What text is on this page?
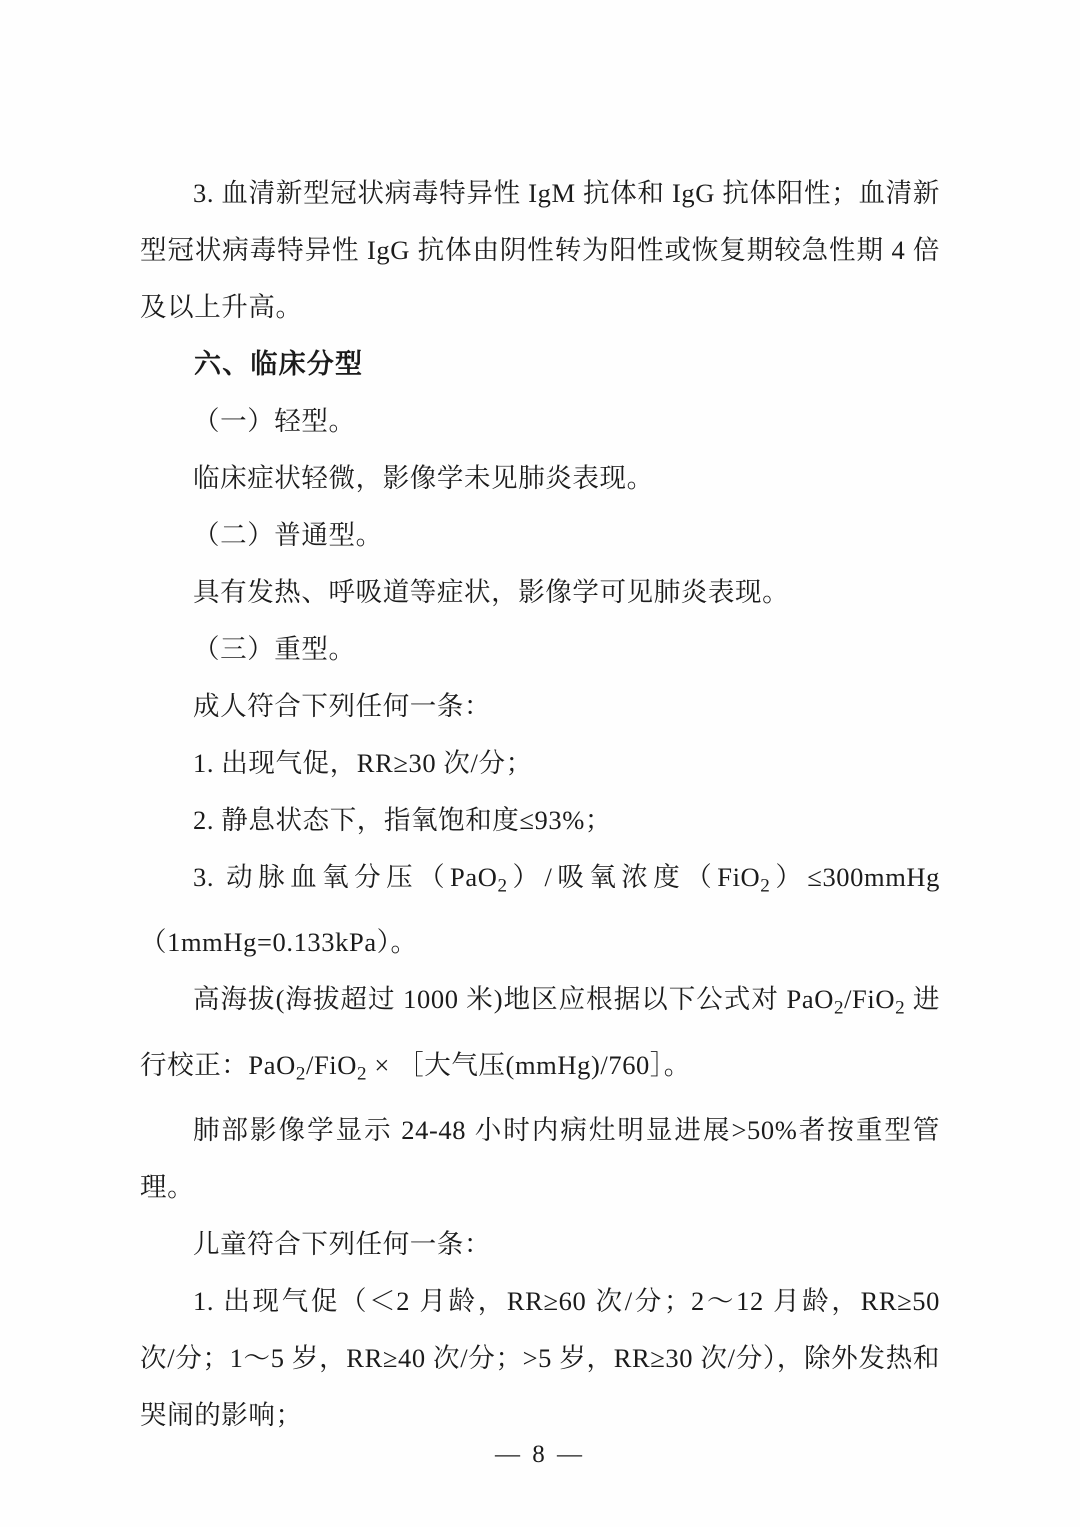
3. 血清新型冠状病毒特异性 IgM 抗体和 IgG 抗体阳性；血清新型冠状病毒特异性 IgG 抗体由阴性转为阳性或恢复期较急性期 4 倍及以上升高。

六、临床分型

（一）轻型。

临床症状轻微，影像学未见肺炎表现。

（二）普通型。

具有发热、呼吸道等症状，影像学可见肺炎表现。

（三）重型。

成人符合下列任何一条：

1. 出现气促，RR≥30 次/分；

2. 静息状态下，指氧饱和度≤93%；

3. 动脉血氧分压（PaO$_2$）/吸氧浓度（FiO$_2$）≤300mmHg（1mmHg=0.133kPa）。

高海拔(海拔超过 1000 米)地区应根据以下公式对 PaO$_2$/FiO$_2$ 进行校正：PaO$_2$/FiO$_2$ × ［大气压(mmHg)/760］。

肺部影像学显示 24-48 小时内病灶明显进展>50%者按重型管理。

儿童符合下列任何一条：

1. 出现气促（＜2 月龄，RR≥60 次/分；2～12 月龄，RR≥50 次/分；1～5 岁，RR≥40 次/分；>5 岁，RR≥30 次/分），除外发热和哭闹的影响；

— 8 —
